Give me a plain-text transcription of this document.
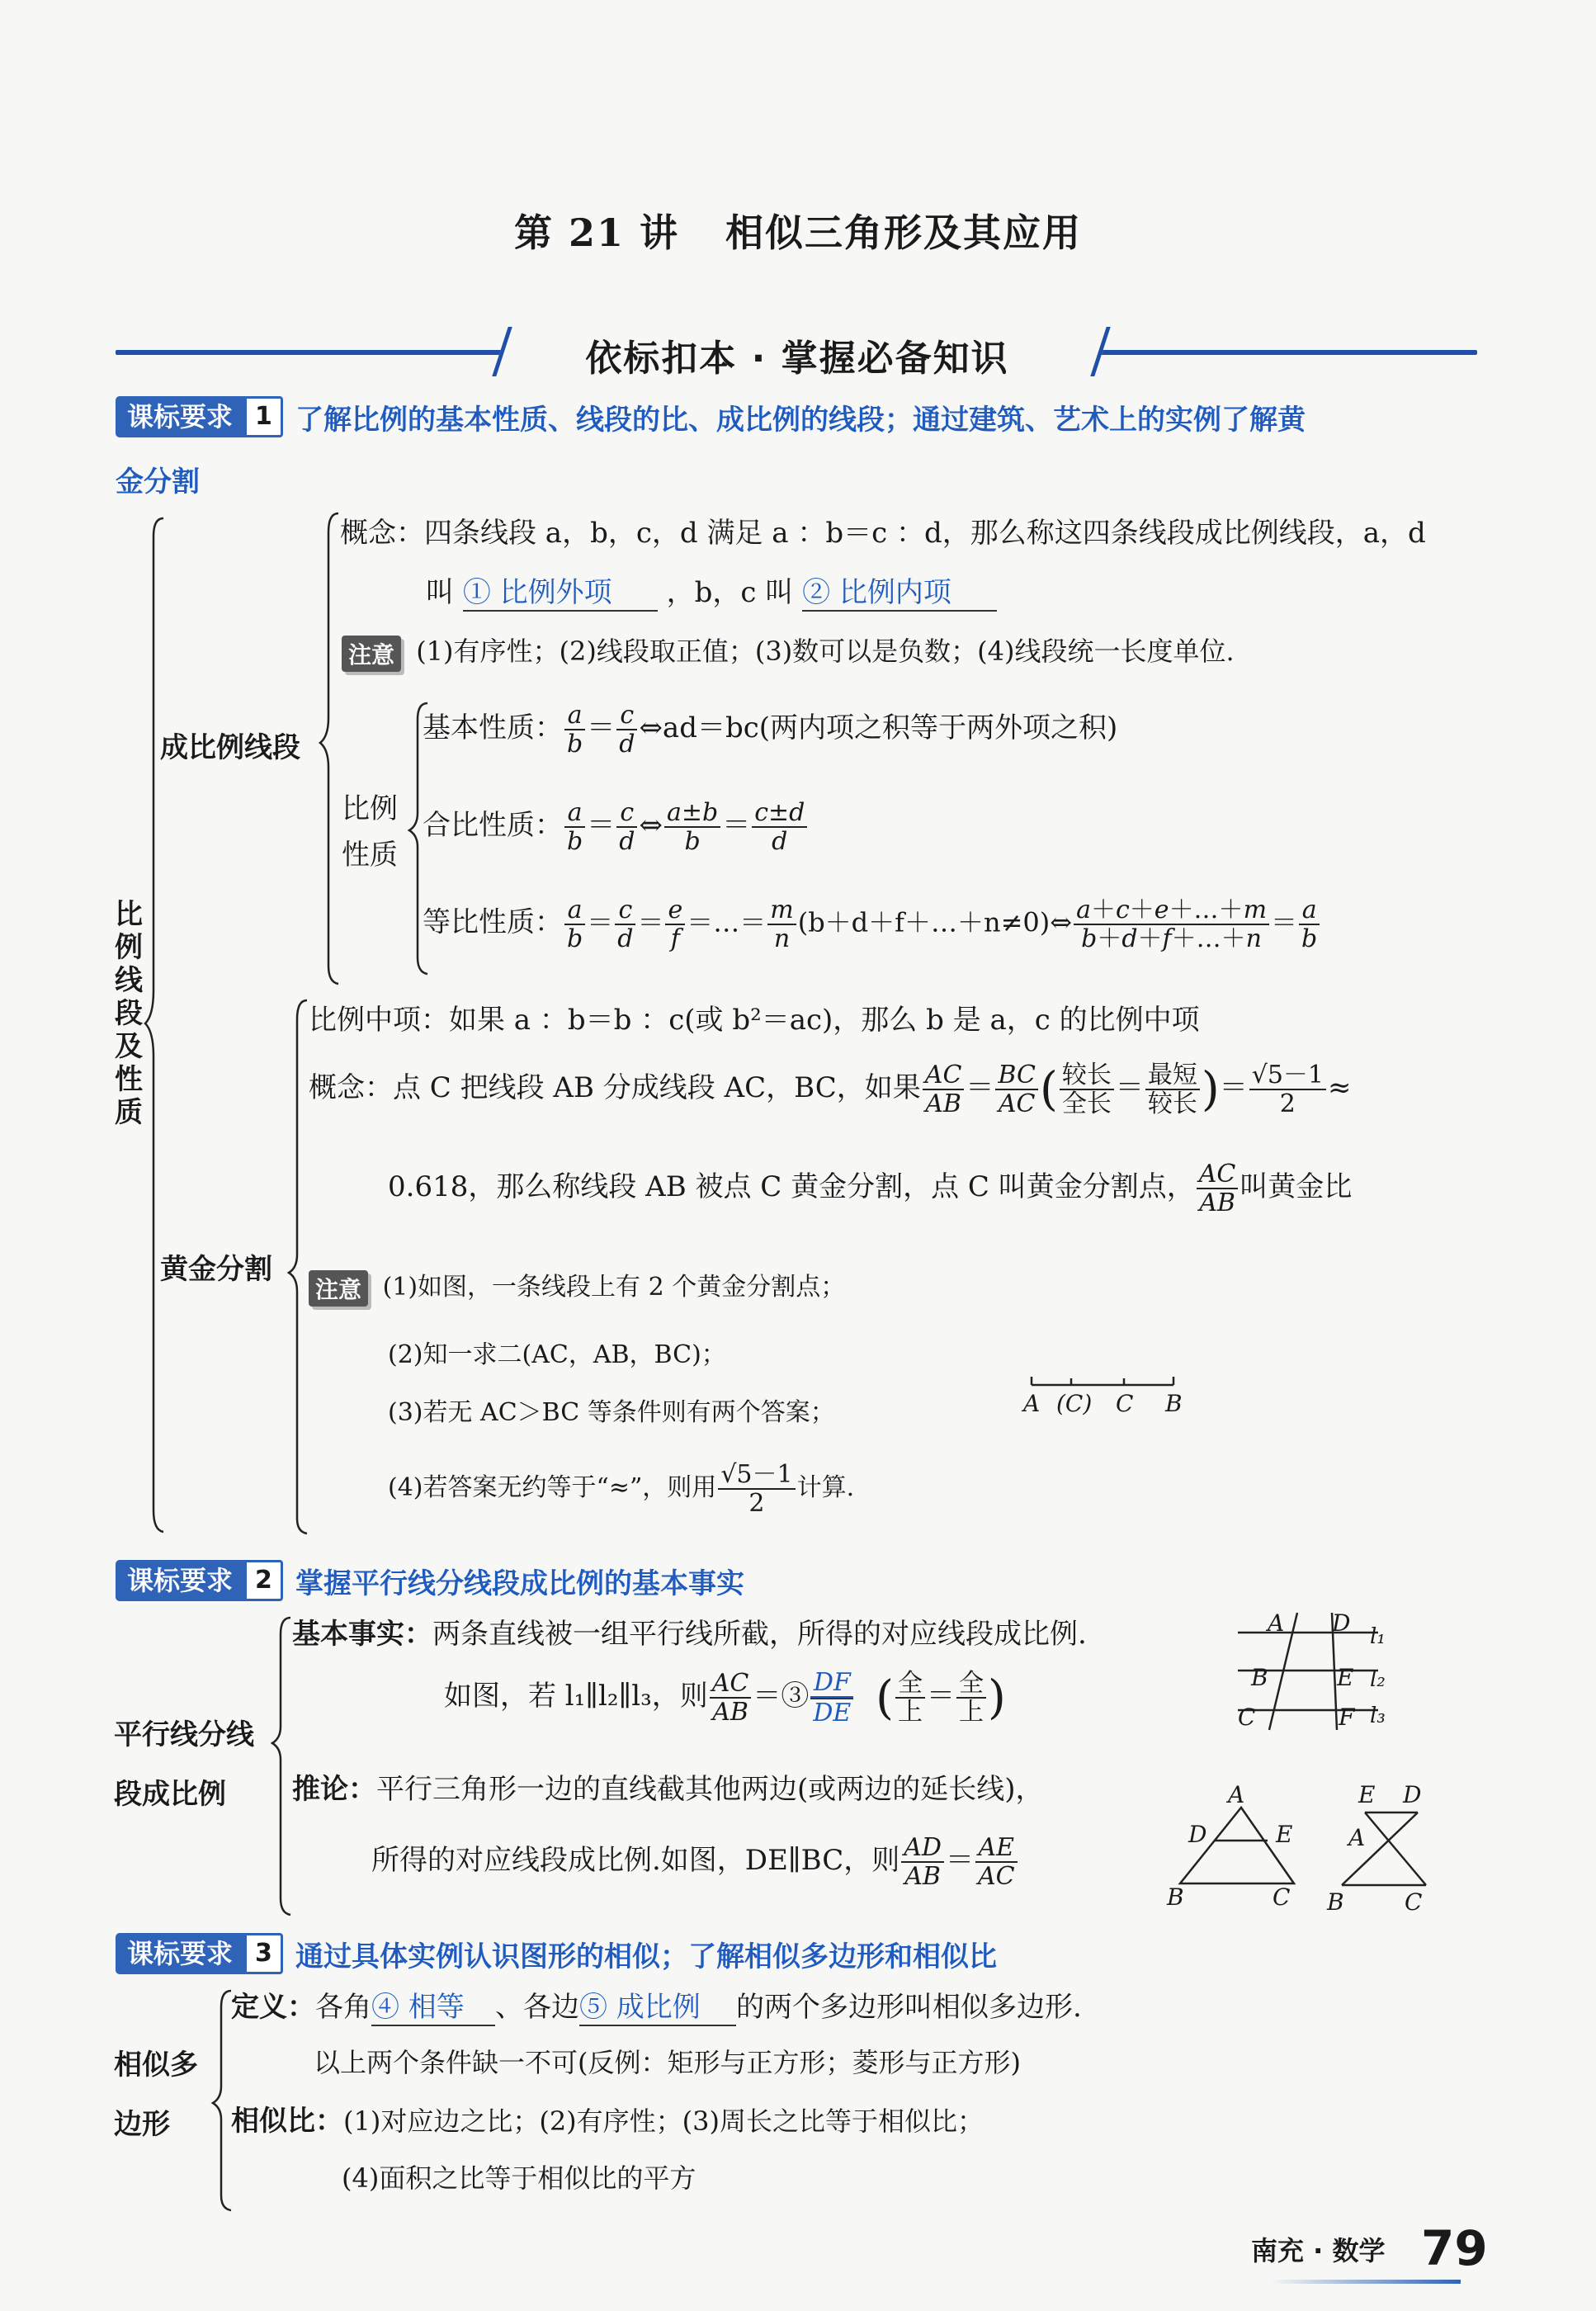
第 21 讲 相似三角形及其应用
依标扣本 · 掌握必备知识
课标要求 1 了解比例的基本性质、线段的比、成比例的线段；通过建筑、艺术上的实例了解黄
金分割
比例线段及性质
成比例线段
黄金分割
概念：四条线段 a，b，c，d 满足 a ：b＝c ：d，那么称这四条线段成比例线段，a，d
叫 ① 比例外项 ，b，c 叫 ② 比例内项
注意 (1)有序性；(2)线段取正值；(3)数可以是负数；(4)线段统一长度单位.
比例性质
基本性质： $\frac{a}{b} = \frac{c}{d}$ ⇔ad＝bc(两内项之积等于两外项之积)
合比性质： $\frac{a}{b} = \frac{c}{d}$ ⇔ $\frac{a\pm b}{b} = \frac{c\pm d}{d}$
等比性质： $\frac{a}{b} = \frac{c}{d} = \frac{e}{f}$ ＝…＝ $\frac{m}{n}$ (b＋d＋f＋…＋n≠0)⇔ $\frac{a+c+e+\dots+m}{b+d+f+\dots+n} = \frac{a}{b}$
比例中项：如果 a ：b＝b ：c(或 b²＝ac)，那么 b 是 a，c 的比例中项
概念：点 C 把线段 AB 分成线段 AC，BC，如果 $\frac{AC}{AB} = \frac{BC}{AC}$ ( $\frac{\text{较长}}{\text{全长}} = \frac{\text{最短}}{\text{较长}}$ )＝ $\frac{√5-1}{2}$ ≈
0.618，那么称线段 AB 被点 C 黄金分割，点 C 叫黄金分割点， $\frac{AC}{AB}$ 叫黄金比
注意 (1)如图，一条线段上有 2 个黄金分割点；
(2)知一求二(AC，AB，BC)；
(3)若无 AC＞BC 等条件则有两个答案；
(4)若答案无约等于“≈”，则用 $\frac{√5-1}{2}$ 计算.
A (C) C B
课标要求 2 掌握平行线分线段成比例的基本事实
平行线分线
段成比例
基本事实：两条直线被一组平行线所截，所得的对应线段成比例.
如图，若 l₁∥l₂∥l₃，则 $\frac{AC}{AB}$ ＝③ $\frac{DF}{DE}$ ( $\frac{\text{全}}{\text{上}} = \frac{\text{全}}{\text{上}}$ )
推论：平行三角形一边的直线截其他两边(或两边的延长线)，
所得的对应线段成比例.如图，DE∥BC，则 $\frac{AD}{AB} = \frac{AE}{AC}$
A D l₁
B	E l₂
C	F l₃
A
D	E
B	C
E D
A
B	C
课标要求 3 通过具体实例认识图形的相似；了解相似多边形和相似比
相似多
边形
定义：各角④ 相等 、各边⑤ 成比例 的两个多边形叫相似多边形.
以上两个条件缺一不可(反例：矩形与正方形；菱形与正方形)
相似比：(1)对应边之比；(2)有序性；(3)周长之比等于相似比；
(4)面积之比等于相似比的平方
南充 · 数学 79
